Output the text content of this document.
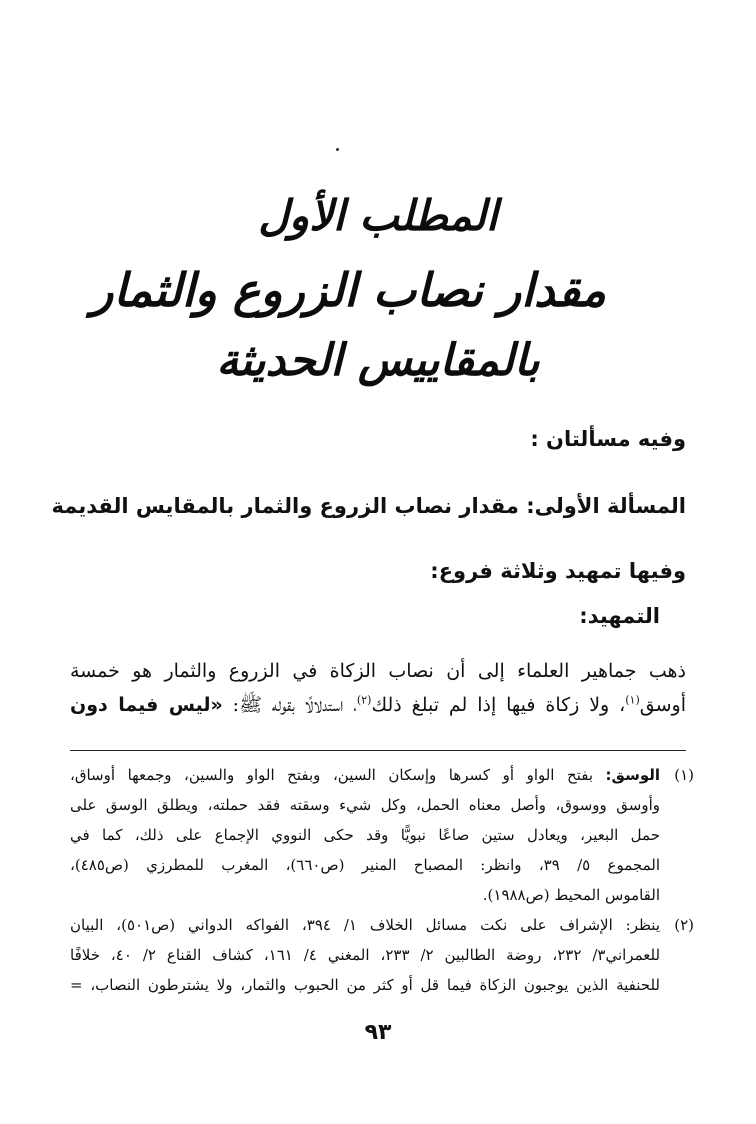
المطلب الأول
مقدار نصاب الزروع والثمار
بالمقاييس الحديثة
وفيه مسألتان :
المسألة الأولى: مقدار نصاب الزروع والثمار بالمقايس القديمة
وفيها تمهيد وثلاثة فروع:
التمهيد:
ذهب جماهير العلماء إلى أن نصاب الزكاة في الزروع والثمار هو خمسة
أوسق$^{(١)}$، ولا زكاة فيها إذا لم تبلغ ذلك$^{(٢)}$، استدلالًا بقوله ﷺ: «ليس فيما دون
(١)
الوسق: بفتح الواو أو كسرها وإسكان السين، وبفتح الواو والسين، وجمعها أوساق،
وأوسق ووسوق، وأصل معناه الحمل، وكل شيء وسقته فقد حملته، ويطلق الوسق على
حمل البعير، ويعادل ستين صاعًا نبويًّا وقد حكى النووي الإجماع على ذلك، كما في
المجموع ٥/ ٣٩، وانظر: المصباح المنير (ص٦٦٠)، المغرب للمطرزي (ص٤٨٥)،
القاموس المحيط (ص١٩٨٨).
(٢)
ينظر: الإشراف على نكت مسائل الخلاف ١/ ٣٩٤، الفواكه الدواني (ص٥٠١)، البيان
للعمراني٣/ ٢٣٢، روضة الطالبين ٢/ ٢٣٣، المغني ٤/ ١٦١، كشاف القناع ٢/ ٤٠، خلافًا
للحنفية الذين يوجبون الزكاة فيما قل أو كثر من الحبوب والثمار، ولا يشترطون النصاب، =
٩٣
